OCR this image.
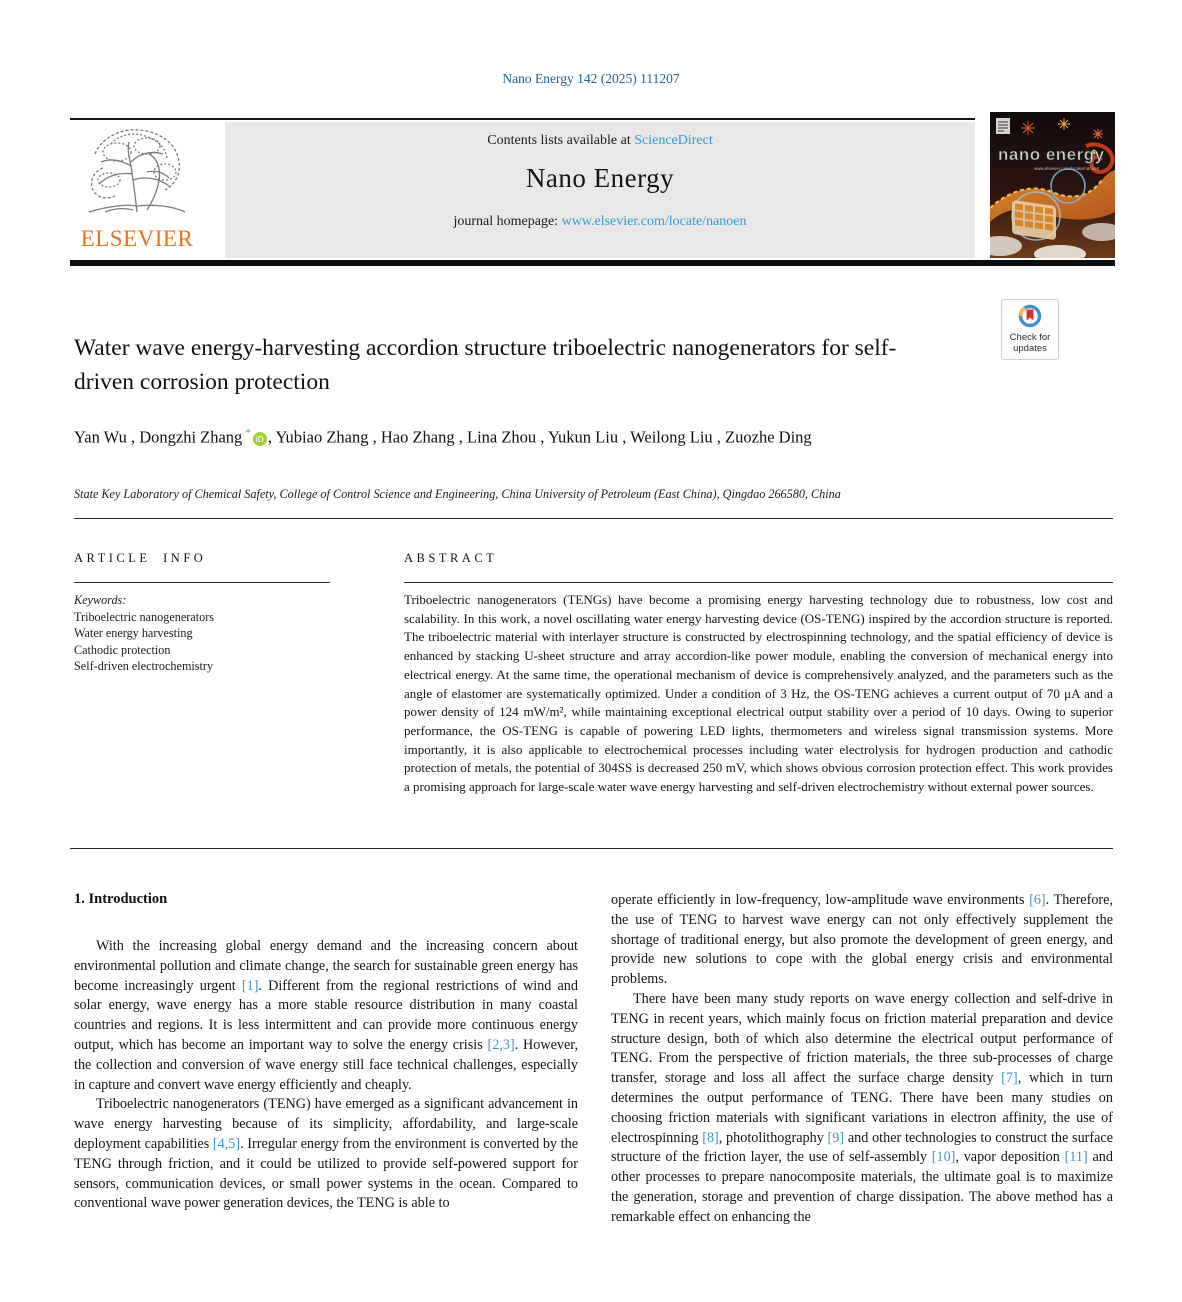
Nano Energy 142 (2025) 111207
ELSEVIER
Contents lists available at ScienceDirect
Nano Energy
journal homepage: www.elsevier.com/locate/nanoen
nano energy
www.elsevier.com/locate/nanoen
Check for updates
Water wave energy-harvesting accordion structure triboelectric nanogenerators for self-driven corrosion protection
Yan Wu , Dongzhi Zhang * iD , Yubiao Zhang , Hao Zhang , Lina Zhou , Yukun Liu , Weilong Liu , Zuozhe Ding
State Key Laboratory of Chemical Safety, College of Control Science and Engineering, China University of Petroleum (East China), Qingdao 266580, China
ARTICLE INFO	ABSTRACT
Keywords:
Triboelectric nanogenerators
Water energy harvesting
Cathodic protection
Self-driven electrochemistry
Triboelectric nanogenerators (TENGs) have become a promising energy harvesting technology due to robustness, low cost and scalability. In this work, a novel oscillating water energy harvesting device (OS-TENG) inspired by the accordion structure is reported. The triboelectric material with interlayer structure is constructed by electrospinning technology, and the spatial efficiency of device is enhanced by stacking U-sheet structure and array accordion-like power module, enabling the conversion of mechanical energy into electrical energy. At the same time, the operational mechanism of device is comprehensively analyzed, and the parameters such as the angle of elastomer are systematically optimized. Under a condition of 3 Hz, the OS-TENG achieves a current output of 70 μA and a power density of 124 mW/m², while maintaining exceptional electrical output stability over a period of 10 days. Owing to superior performance, the OS-TENG is capable of powering LED lights, thermometers and wireless signal transmission systems. More importantly, it is also applicable to electrochemical processes including water electrolysis for hydrogen production and cathodic protection of metals, the potential of 304SS is decreased 250 mV, which shows obvious corrosion protection effect. This work provides a promising approach for large-scale water wave energy harvesting and self-driven electrochemistry without external power sources.
1. Introduction

With the increasing global energy demand and the increasing concern about environmental pollution and climate change, the search for sustainable green energy has become increasingly urgent [1]. Different from the regional restrictions of wind and solar energy, wave energy has a more stable resource distribution in many coastal countries and regions. It is less intermittent and can provide more continuous energy output, which has become an important way to solve the energy crisis [2,3]. However, the collection and conversion of wave energy still face technical challenges, especially in capture and convert wave energy efficiently and cheaply.

Triboelectric nanogenerators (TENG) have emerged as a significant advancement in wave energy harvesting because of its simplicity, affordability, and large-scale deployment capabilities [4,5]. Irregular energy from the environment is converted by the TENG through friction, and it could be utilized to provide self-powered support for sensors, communication devices, or small power systems in the ocean. Compared to conventional wave power generation devices, the TENG is able to

operate efficiently in low-frequency, low-amplitude wave environments [6]. Therefore, the use of TENG to harvest wave energy can not only effectively supplement the shortage of traditional energy, but also promote the development of green energy, and provide new solutions to cope with the global energy crisis and environmental problems.

There have been many study reports on wave energy collection and self-drive in TENG in recent years, which mainly focus on friction material preparation and device structure design, both of which also determine the electrical output performance of TENG. From the perspective of friction materials, the three sub-processes of charge transfer, storage and loss all affect the surface charge density [7], which in turn determines the output performance of TENG. There have been many studies on choosing friction materials with significant variations in electron affinity, the use of electrospinning [8], photolithography [9] and other technologies to construct the surface structure of the friction layer, the use of self-assembly [10], vapor deposition [11] and other processes to prepare nanocomposite materials, the ultimate goal is to maximize the generation, storage and prevention of charge dissipation. The above method has a remarkable effect on enhancing the
